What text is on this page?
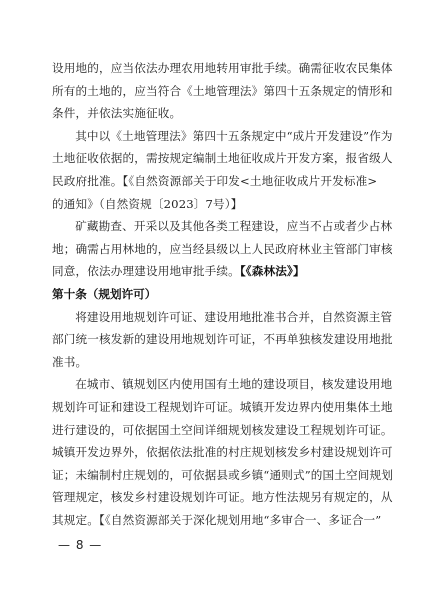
设用地的，应当依法办理农用地转用审批手续。确需征收农民集体
所有的土地的，应当符合《土地管理法》第四十五条规定的情形和
条件，并依法实施征收。

其中以《土地管理法》第四十五条规定中“成片开发建设”作为
土地征收依据的，需按规定编制土地征收成片开发方案，报省级人
民政府批准。【《自然资源部关于印发<土地征收成片开发标准>
的通知》（自然资规〔2023〕7号）】

矿藏勘查、开采以及其他各类工程建设，应当不占或者少占林
地；确需占用林地的，应当经县级以上人民政府林业主管部门审核
同意，依法办理建设用地审批手续。【《森林法》】

第十条（规划许可）

将建设用地规划许可证、建设用地批准书合并，自然资源主管
部门统一核发新的建设用地规划许可证，不再单独核发建设用地批
准书。

在城市、镇规划区内使用国有土地的建设项目，核发建设用地
规划许可证和建设工程规划许可证。城镇开发边界内使用集体土地
进行建设的，可依据国土空间详细规划核发建设工程规划许可证。
城镇开发边界外，依据依法批准的村庄规划核发乡村建设规划许可
证；未编制村庄规划的，可依据县或乡镇“通则式”的国土空间规划
管理规定，核发乡村建设规划许可证。地方性法规另有规定的，从
其规定。【《自然资源部关于深化规划用地“多审合一、多证合一”

— 8 —
